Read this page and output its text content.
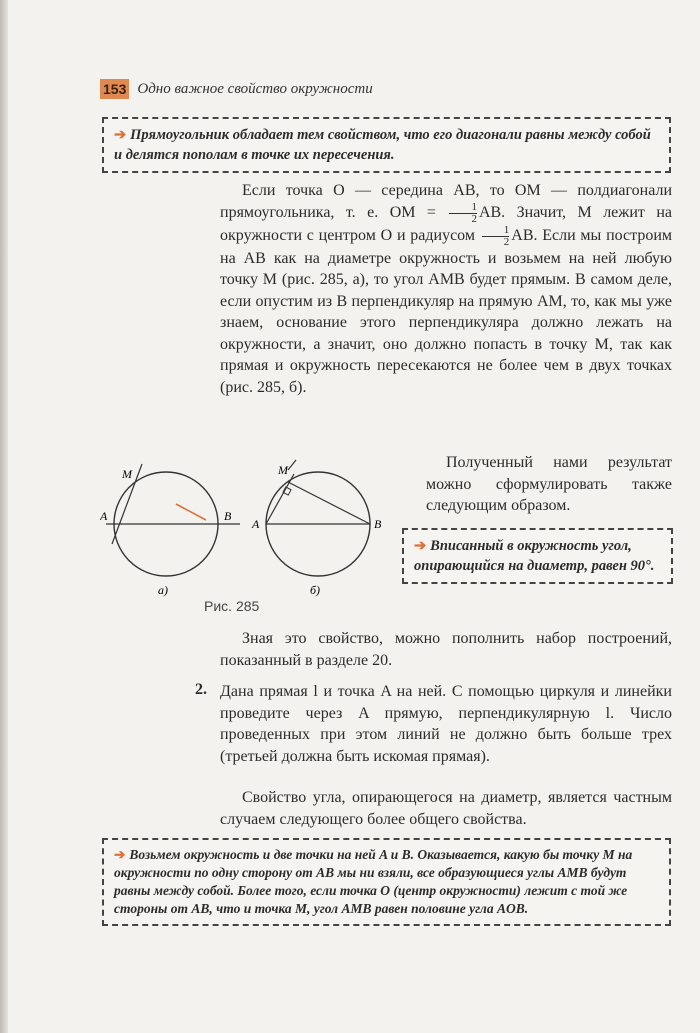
153 Одно важное свойство окружности
➔ Прямоугольник обладает тем свойством, что его диагонали равны между собой и делятся пополам в точке их пересечения.
Если точка O — середина AB, то OM — полдиагонали прямоугольника, т. е. OM = $\frac{1}{2}$ AB. Значит, M лежит на окружности с центром O и радиусом $\frac{1}{2}$ AB. Если мы построим на AB как на диаметре окружность и возьмем на ней любую точку M (рис. 285, а), то угол AMB будет прямым. В самом деле, если опустим из B перпендикуляр на прямую AM, то, как мы уже знаем, основание этого перпендикуляра должно лежать на окружности, а значит, оно должно попасть в точку M, так как прямая и окружность пересекаются не более чем в двух точках (рис. 285, б).
M
A	B
а)
M
A	B
б)
Рис. 285
Полученный нами результат можно сформулировать также следующим образом.
➔ Вписанный в окружность угол, опирающийся на диаметр, равен 90°.
Зная это свойство, можно пополнить набор построений, показанный в разделе 20.
2. Дана прямая l и точка A на ней. С помощью циркуля и линейки проведите через A прямую, перпендикулярную l. Число проведенных при этом линий не должно быть больше трех (третьей должна быть искомая прямая).
Свойство угла, опирающегося на диаметр, является частным случаем следующего более общего свойства.
➔ Возьмем окружность и две точки на ней A и B. Оказывается, какую бы точку M на окружности по одну сторону от AB мы ни взяли, все образующиеся углы AMB будут равны между собой. Более того, если точка O (центр окружности) лежит с той же стороны от AB, что и точка M, угол AMB равен половине угла AOB.
